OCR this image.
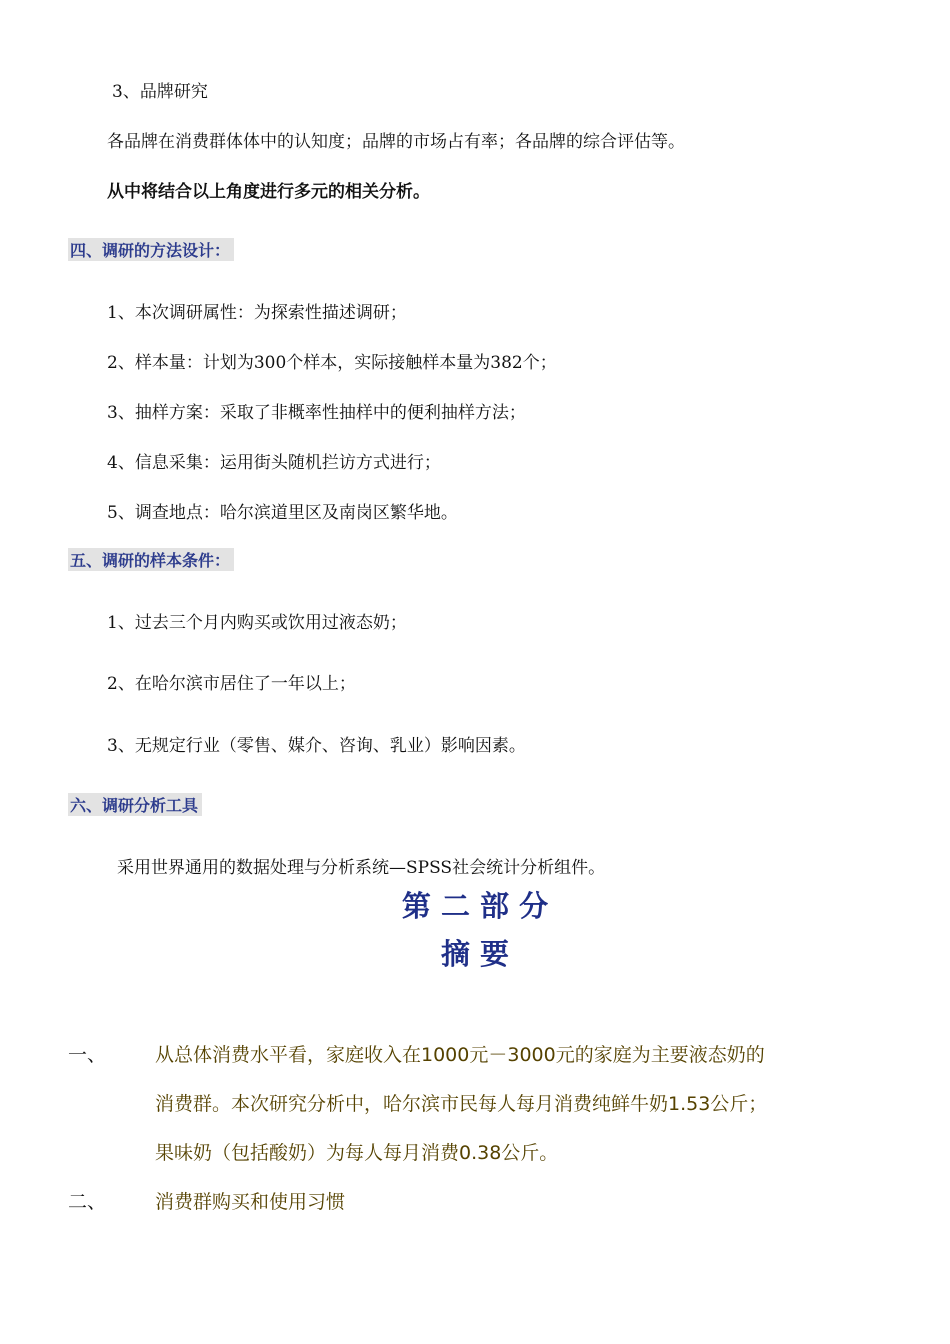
3、品牌研究
各品牌在消费群体体中的认知度；品牌的市场占有率；各品牌的综合评估等。
从中将结合以上角度进行多元的相关分析。
四、调研的方法设计：
1、本次调研属性：为探索性描述调研；
2、样本量：计划为300个样本，实际接触样本量为382个；
3、抽样方案：采取了非概率性抽样中的便利抽样方法；
4、信息采集：运用街头随机拦访方式进行；
5、调查地点：哈尔滨道里区及南岗区繁华地。
五、调研的样本条件：
1、过去三个月内购买或饮用过液态奶；
2、在哈尔滨市居住了一年以上；
3、无规定行业（零售、媒介、咨询、乳业）影响因素。
六、调研分析工具
采用世界通用的数据处理与分析系统—SPSS社会统计分析组件。
第 二 部 分
摘 要
一、	从总体消费水平看，家庭收入在1000元－3000元的家庭为主要液态奶的
消费群。本次研究分析中，哈尔滨市民每人每月消费纯鲜牛奶1.53公斤；
果味奶（包括酸奶）为每人每月消费0.38公斤。
二、	消费群购买和使用习惯
